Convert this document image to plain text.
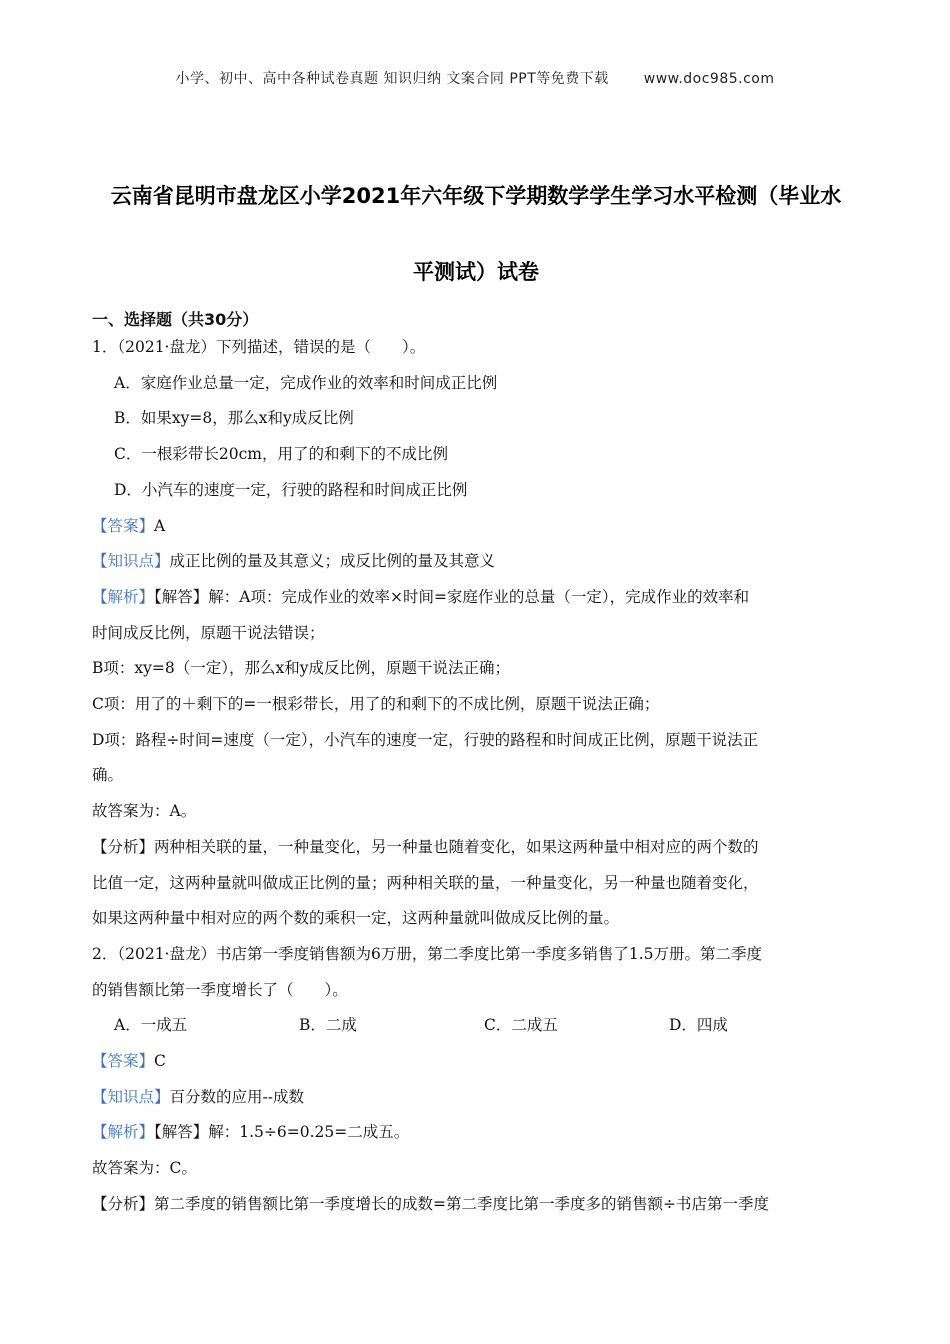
小学、初中、高中各种试卷真题 知识归纳 文案合同 PPT等免费下载 www.doc985.com
云南省昆明市盘龙区小学2021年六年级下学期数学学生学习水平检测（毕业水
平测试）试卷
一、选择题（共30分）

1．（2021·盘龙）下列描述，错误的是（　　）。

A．家庭作业总量一定，完成作业的效率和时间成正比例

B．如果xy=8，那么x和y成反比例

C．一根彩带长20cm，用了的和剩下的不成比例

D．小汽车的速度一定，行驶的路程和时间成正比例

【答案】A

【知识点】成正比例的量及其意义；成反比例的量及其意义

【解析】【解答】解：A项：完成作业的效率×时间=家庭作业的总量（一定），完成作业的效率和

时间成反比例，原题干说法错误；

B项：xy=8（一定），那么x和y成反比例，原题干说法正确；

C项：用了的＋剩下的=一根彩带长，用了的和剩下的不成比例，原题干说法正确；

D项：路程÷时间=速度（一定），小汽车的速度一定，行驶的路程和时间成正比例，原题干说法正

确。

故答案为：A。

【分析】两种相关联的量，一种量变化，另一种量也随着变化，如果这两种量中相对应的两个数的

比值一定，这两种量就叫做成正比例的量；两种相关联的量，一种量变化，另一种量也随着变化，

如果这两种量中相对应的两个数的乘积一定，这两种量就叫做成反比例的量。

2．（2021·盘龙）书店第一季度销售额为6万册，第二季度比第一季度多销售了1.5万册。第二季度

的销售额比第一季度增长了（　　）。

A．一成五	B．二成	C．二成五	D．四成

【答案】C

【知识点】百分数的应用--成数

【解析】【解答】解：1.5÷6=0.25=二成五。

故答案为：C。

【分析】第二季度的销售额比第一季度增长的成数=第二季度比第一季度多的销售额÷书店第一季度
